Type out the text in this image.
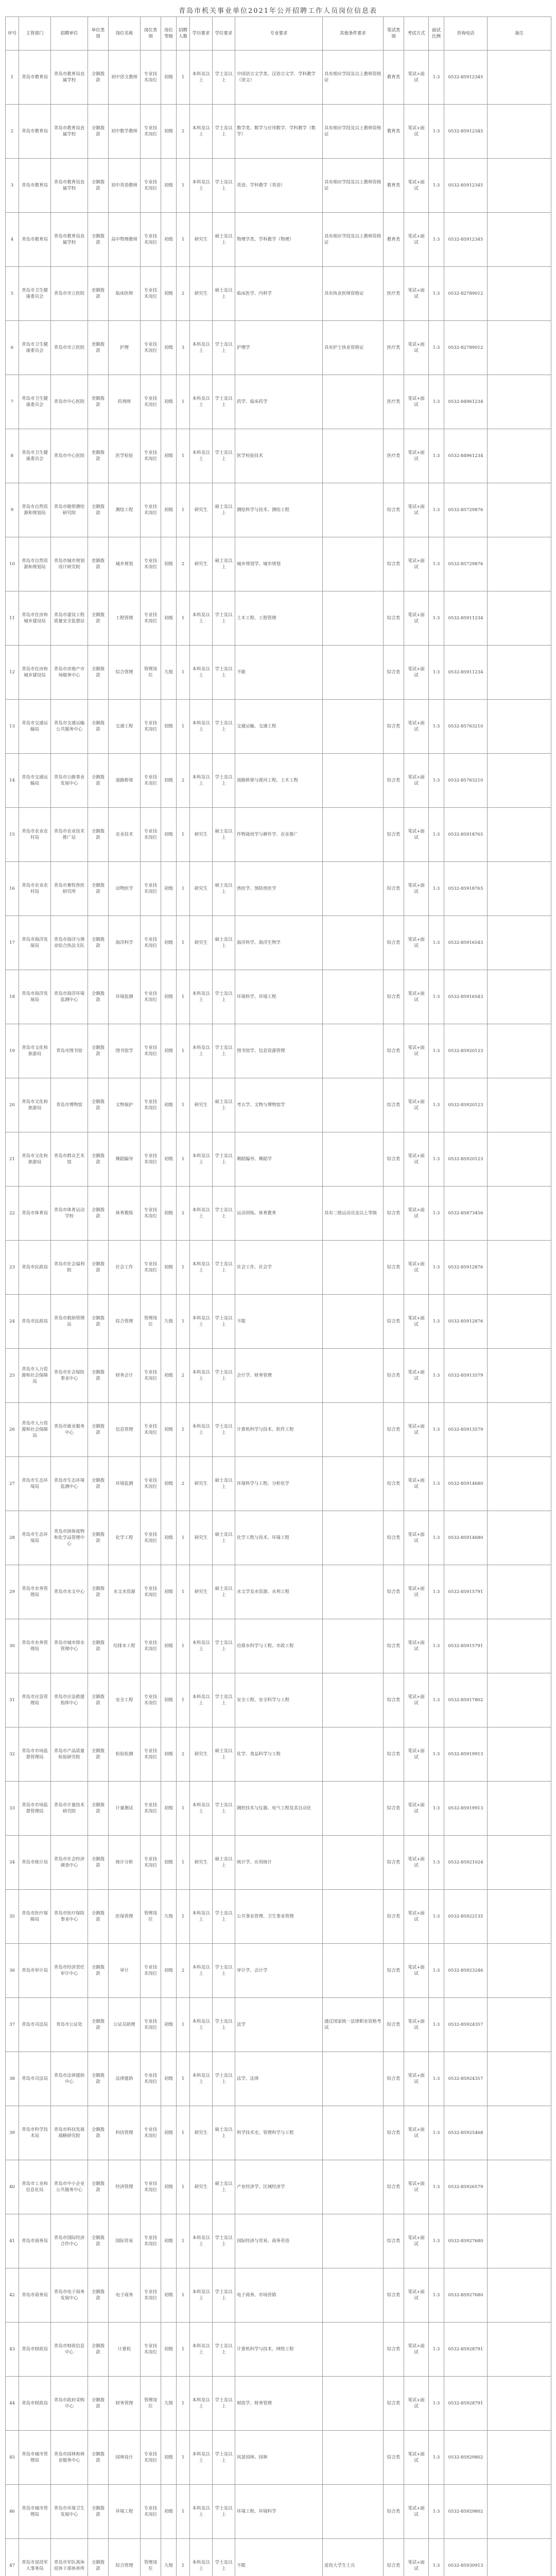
青岛市机关事业单位2021年公开招聘工作人员岗位信息表
序号	主管部门	招聘单位	单位类别	岗位名称	岗位类别	岗位等级	招聘人数	学历要求	学位要求	专业要求	其他条件要求	笔试类别	考试方式	面试比例	咨询电话	备注
1	青岛市教育局	青岛市教育局直属学校	全额拨款	初中语文教师	专业技术岗位	初级	1	本科及以上	学士及以上	中国语言文学类、汉语言文学、学科教学（语文）	具有相应学段及以上教师资格证	教育类	笔试+面试	1:3	0532-85912345	
2	青岛市教育局	青岛市教育局直属学校	全额拨款	初中数学教师	专业技术岗位	初级	2	本科及以上	学士及以上	数学类、数学与应用数学、学科教学（数学）	具有相应学段及以上教师资格证	教育类	笔试+面试	1:3	0532-85912345	
3	青岛市教育局	青岛市教育局直属学校	全额拨款	初中英语教师	专业技术岗位	初级	1	本科及以上	学士及以上	英语、学科教学（英语）	具有相应学段及以上教师资格证	教育类	笔试+面试	1:3	0532-85912345	
4	青岛市教育局	青岛市教育局直属学校	全额拨款	高中物理教师	专业技术岗位	初级	1	研究生	硕士及以上	物理学类、学科教学（物理）	具有相应学段及以上教师资格证	教育类	笔试+面试	1:3	0532-85912345	
5	青岛市卫生健康委员会	青岛市市立医院	差额拨款	临床医师	专业技术岗位	初级	2	研究生	硕士及以上	临床医学、内科学	具有执业医师资格证	医疗类	笔试+面试	1:3	0532-82789012	
6	青岛市卫生健康委员会	青岛市市立医院	差额拨款	护理	专业技术岗位	初级	3	本科及以上	学士及以上	护理学	具有护士执业资格证	医疗类	笔试+面试	1:3	0532-82789012	
7	青岛市卫生健康委员会	青岛市中心医院	差额拨款	药剂师	专业技术岗位	初级	1	本科及以上	学士及以上	药学、临床药学		医疗类	笔试+面试	1:3	0532-84961234	
8	青岛市卫生健康委员会	青岛市中心医院	差额拨款	医学检验	专业技术岗位	初级	1	本科及以上	学士及以上	医学检验技术		医疗类	笔试+面试	1:3	0532-84961234	
9	青岛市自然资源和规划局	青岛市勘察测绘研究院	全额拨款	测绘工程	专业技术岗位	初级	1	研究生	硕士及以上	测绘科学与技术、测绘工程		综合类	笔试+面试	1:3	0532-85729876	
10	青岛市自然资源和规划局	青岛市城市规划设计研究院	差额拨款	城乡规划	专业技术岗位	初级	2	研究生	硕士及以上	城乡规划学、城市规划		综合类	笔试+面试	1:3	0532-85729876	
11	青岛市住房和城乡建设局	青岛市建设工程质量安全监督站	全额拨款	工程管理	专业技术岗位	初级	1	本科及以上	学士及以上	土木工程、工程管理		综合类	笔试+面试	1:3	0532-85911234	
12	青岛市住房和城乡建设局	青岛市房地产市场服务中心	全额拨款	综合管理	管理岗位	九级	1	本科及以上	学士及以上	不限		综合类	笔试+面试	1:3	0532-85911234	
13	青岛市交通运输局	青岛市交通运输公共服务中心	全额拨款	交通工程	专业技术岗位	初级	1	本科及以上	学士及以上	交通运输、交通工程		综合类	笔试+面试	1:3	0532-85763210	
14	青岛市交通运输局	青岛市公路事业发展中心	全额拨款	道路桥梁	专业技术岗位	初级	2	本科及以上	学士及以上	道路桥梁与渡河工程、土木工程		综合类	笔试+面试	1:3	0532-85763210	
15	青岛市农业农村局	青岛市农业技术推广站	全额拨款	农业技术	专业技术岗位	初级	1	研究生	硕士及以上	作物栽培学与耕作学、农业推广		综合类	笔试+面试	1:3	0532-85918765	
16	青岛市农业农村局	青岛市畜牧兽医研究所	全额拨款	动物医学	专业技术岗位	初级	1	研究生	硕士及以上	兽医学、预防兽医学		综合类	笔试+面试	1:3	0532-85918765	
17	青岛市海洋发展局	青岛市海洋与渔业综合执法支队	全额拨款	海洋科学	专业技术岗位	初级	1	研究生	硕士及以上	海洋科学、海洋生物学		综合类	笔试+面试	1:3	0532-85916543	
18	青岛市海洋发展局	青岛市海洋环境监测中心	全额拨款	环境监测	专业技术岗位	初级	1	本科及以上	学士及以上	环境科学、环境工程		综合类	笔试+面试	1:3	0532-85916543	
19	青岛市文化和旅游局	青岛市图书馆	全额拨款	图书馆学	专业技术岗位	初级	1	本科及以上	学士及以上	图书馆学、信息资源管理		综合类	笔试+面试	1:3	0532-85920123	
20	青岛市文化和旅游局	青岛市博物馆	全额拨款	文物保护	专业技术岗位	初级	1	研究生	硕士及以上	考古学、文物与博物馆学		综合类	笔试+面试	1:3	0532-85920123	
21	青岛市文化和旅游局	青岛市群众艺术馆	全额拨款	舞蹈编导	专业技术岗位	初级	1	本科及以上	学士及以上	舞蹈编导、舞蹈学		综合类	笔试+面试	1:3	0532-85920123	
22	青岛市体育局	青岛市体育运动学校	全额拨款	体育教练	专业技术岗位	初级	2	本科及以上	学士及以上	运动训练、体育教育	具有二级运动员及以上等级	综合类	笔试+面试	1:3	0532-85873456	
23	青岛市民政局	青岛市社会福利院	全额拨款	社会工作	专业技术岗位	初级	1	本科及以上	学士及以上	社会工作、社会学		综合类	笔试+面试	1:3	0532-85912876	
24	青岛市民政局	青岛市救助管理站	全额拨款	综合管理	管理岗位	九级	1	本科及以上	学士及以上	不限		综合类	笔试+面试	1:3	0532-85912876	
25	青岛市人力资源和社会保障局	青岛市社会保险事业中心	全额拨款	财务会计	专业技术岗位	初级	2	本科及以上	学士及以上	会计学、财务管理		综合类	笔试+面试	1:3	0532-85913579	
26	青岛市人力资源和社会保障局	青岛市就业服务中心	全额拨款	信息管理	专业技术岗位	初级	1	本科及以上	学士及以上	计算机科学与技术、软件工程		综合类	笔试+面试	1:3	0532-85913579	
27	青岛市生态环境局	青岛市生态环境监测中心	全额拨款	环境监测	专业技术岗位	初级	2	研究生	硕士及以上	环境科学与工程、分析化学		综合类	笔试+面试	1:3	0532-85914680	
28	青岛市生态环境局	青岛市固体废物和化学品管理中心	全额拨款	化学工程	专业技术岗位	初级	1	研究生	硕士及以上	化学工程与技术、环境工程		综合类	笔试+面试	1:3	0532-85914680	
29	青岛市水务管理局	青岛市水文中心	全额拨款	水文水资源	专业技术岗位	初级	1	研究生	硕士及以上	水文学及水资源、水利工程		综合类	笔试+面试	1:3	0532-85915791	
30	青岛市水务管理局	青岛市城市排水管理中心	全额拨款	给排水工程	专业技术岗位	初级	1	本科及以上	学士及以上	给排水科学与工程、市政工程		综合类	笔试+面试	1:3	0532-85915791	
31	青岛市应急管理局	青岛市应急救援指挥中心	全额拨款	安全工程	专业技术岗位	初级	1	本科及以上	学士及以上	安全工程、安全科学与工程		综合类	笔试+面试	1:3	0532-85917802	
32	青岛市市场监督管理局	青岛市产品质量检验研究院	全额拨款	检验检测	专业技术岗位	初级	2	研究生	硕士及以上	化学、食品科学与工程		综合类	笔试+面试	1:3	0532-85919913	
33	青岛市市场监督管理局	青岛市计量技术研究院	全额拨款	计量测试	专业技术岗位	初级	1	本科及以上	学士及以上	测控技术与仪器、电气工程及其自动化		综合类	笔试+面试	1:3	0532-85919913	
34	青岛市统计局	青岛市社会经济调查中心	全额拨款	统计分析	专业技术岗位	初级	1	研究生	硕士及以上	统计学、应用统计		综合类	笔试+面试	1:3	0532-85921024	
35	青岛市医疗保障局	青岛市医疗保险事业中心	全额拨款	医保管理	管理岗位	九级	1	本科及以上	学士及以上	公共事业管理、卫生事业管理		综合类	笔试+面试	1:3	0532-85922135	
36	青岛市审计局	青岛市经济责任审计中心	全额拨款	审计	专业技术岗位	初级	2	本科及以上	学士及以上	审计学、会计学		综合类	笔试+面试	1:3	0532-85923246	
37	青岛市司法局	青岛市公证处	全额拨款	公证员助理	专业技术岗位	初级	1	本科及以上	学士及以上	法学	通过国家统一法律职业资格考试	综合类	笔试+面试	1:3	0532-85924357	
38	青岛市司法局	青岛市法律援助中心	全额拨款	法律援助	专业技术岗位	初级	1	本科及以上	学士及以上	法学、法律		综合类	笔试+面试	1:3	0532-85924357	
39	青岛市科学技术局	青岛市科技发展战略研究院	全额拨款	科技管理	专业技术岗位	初级	1	研究生	硕士及以上	科学技术史、管理科学与工程		综合类	笔试+面试	1:3	0532-85925468	
40	青岛市工业和信息化局	青岛市中小企业公共服务中心	全额拨款	经济管理	专业技术岗位	初级	1	研究生	硕士及以上	产业经济学、区域经济学		综合类	笔试+面试	1:3	0532-85926579	
41	青岛市商务局	青岛市国际经济合作中心	全额拨款	国际贸易	专业技术岗位	初级	1	本科及以上	学士及以上	国际经济与贸易、商务英语		综合类	笔试+面试	1:3	0532-85927680	
42	青岛市商务局	青岛市电子商务发展中心	全额拨款	电子商务	专业技术岗位	初级	1	本科及以上	学士及以上	电子商务、市场营销		综合类	笔试+面试	1:3	0532-85927680	
43	青岛市财政局	青岛市财政信息中心	全额拨款	计算机	专业技术岗位	初级	1	本科及以上	学士及以上	计算机科学与技术、网络工程		综合类	笔试+面试	1:3	0532-85928791	
44	青岛市财政局	青岛市政府采购中心	全额拨款	财务管理	管理岗位	九级	1	本科及以上	学士及以上	财政学、财务管理		综合类	笔试+面试	1:3	0532-85928791	
45	青岛市城市管理局	青岛市园林和林业服务中心	全额拨款	园林设计	专业技术岗位	初级	1	本科及以上	学士及以上	风景园林、园林		综合类	笔试+面试	1:3	0532-85929802	
46	青岛市城市管理局	青岛市环境卫生发展中心	全额拨款	环境工程	专业技术岗位	初级	1	本科及以上	学士及以上	环境工程、环境科学		综合类	笔试+面试	1:3	0532-85929802	
47	青岛市退役军人事务局	青岛市军队离休退休干部休养所	全额拨款	综合管理	管理岗位	九级	1	本科及以上	学士及以上	不限	退役大学生士兵	综合类	笔试+面试	1:3	0532-85930913	
